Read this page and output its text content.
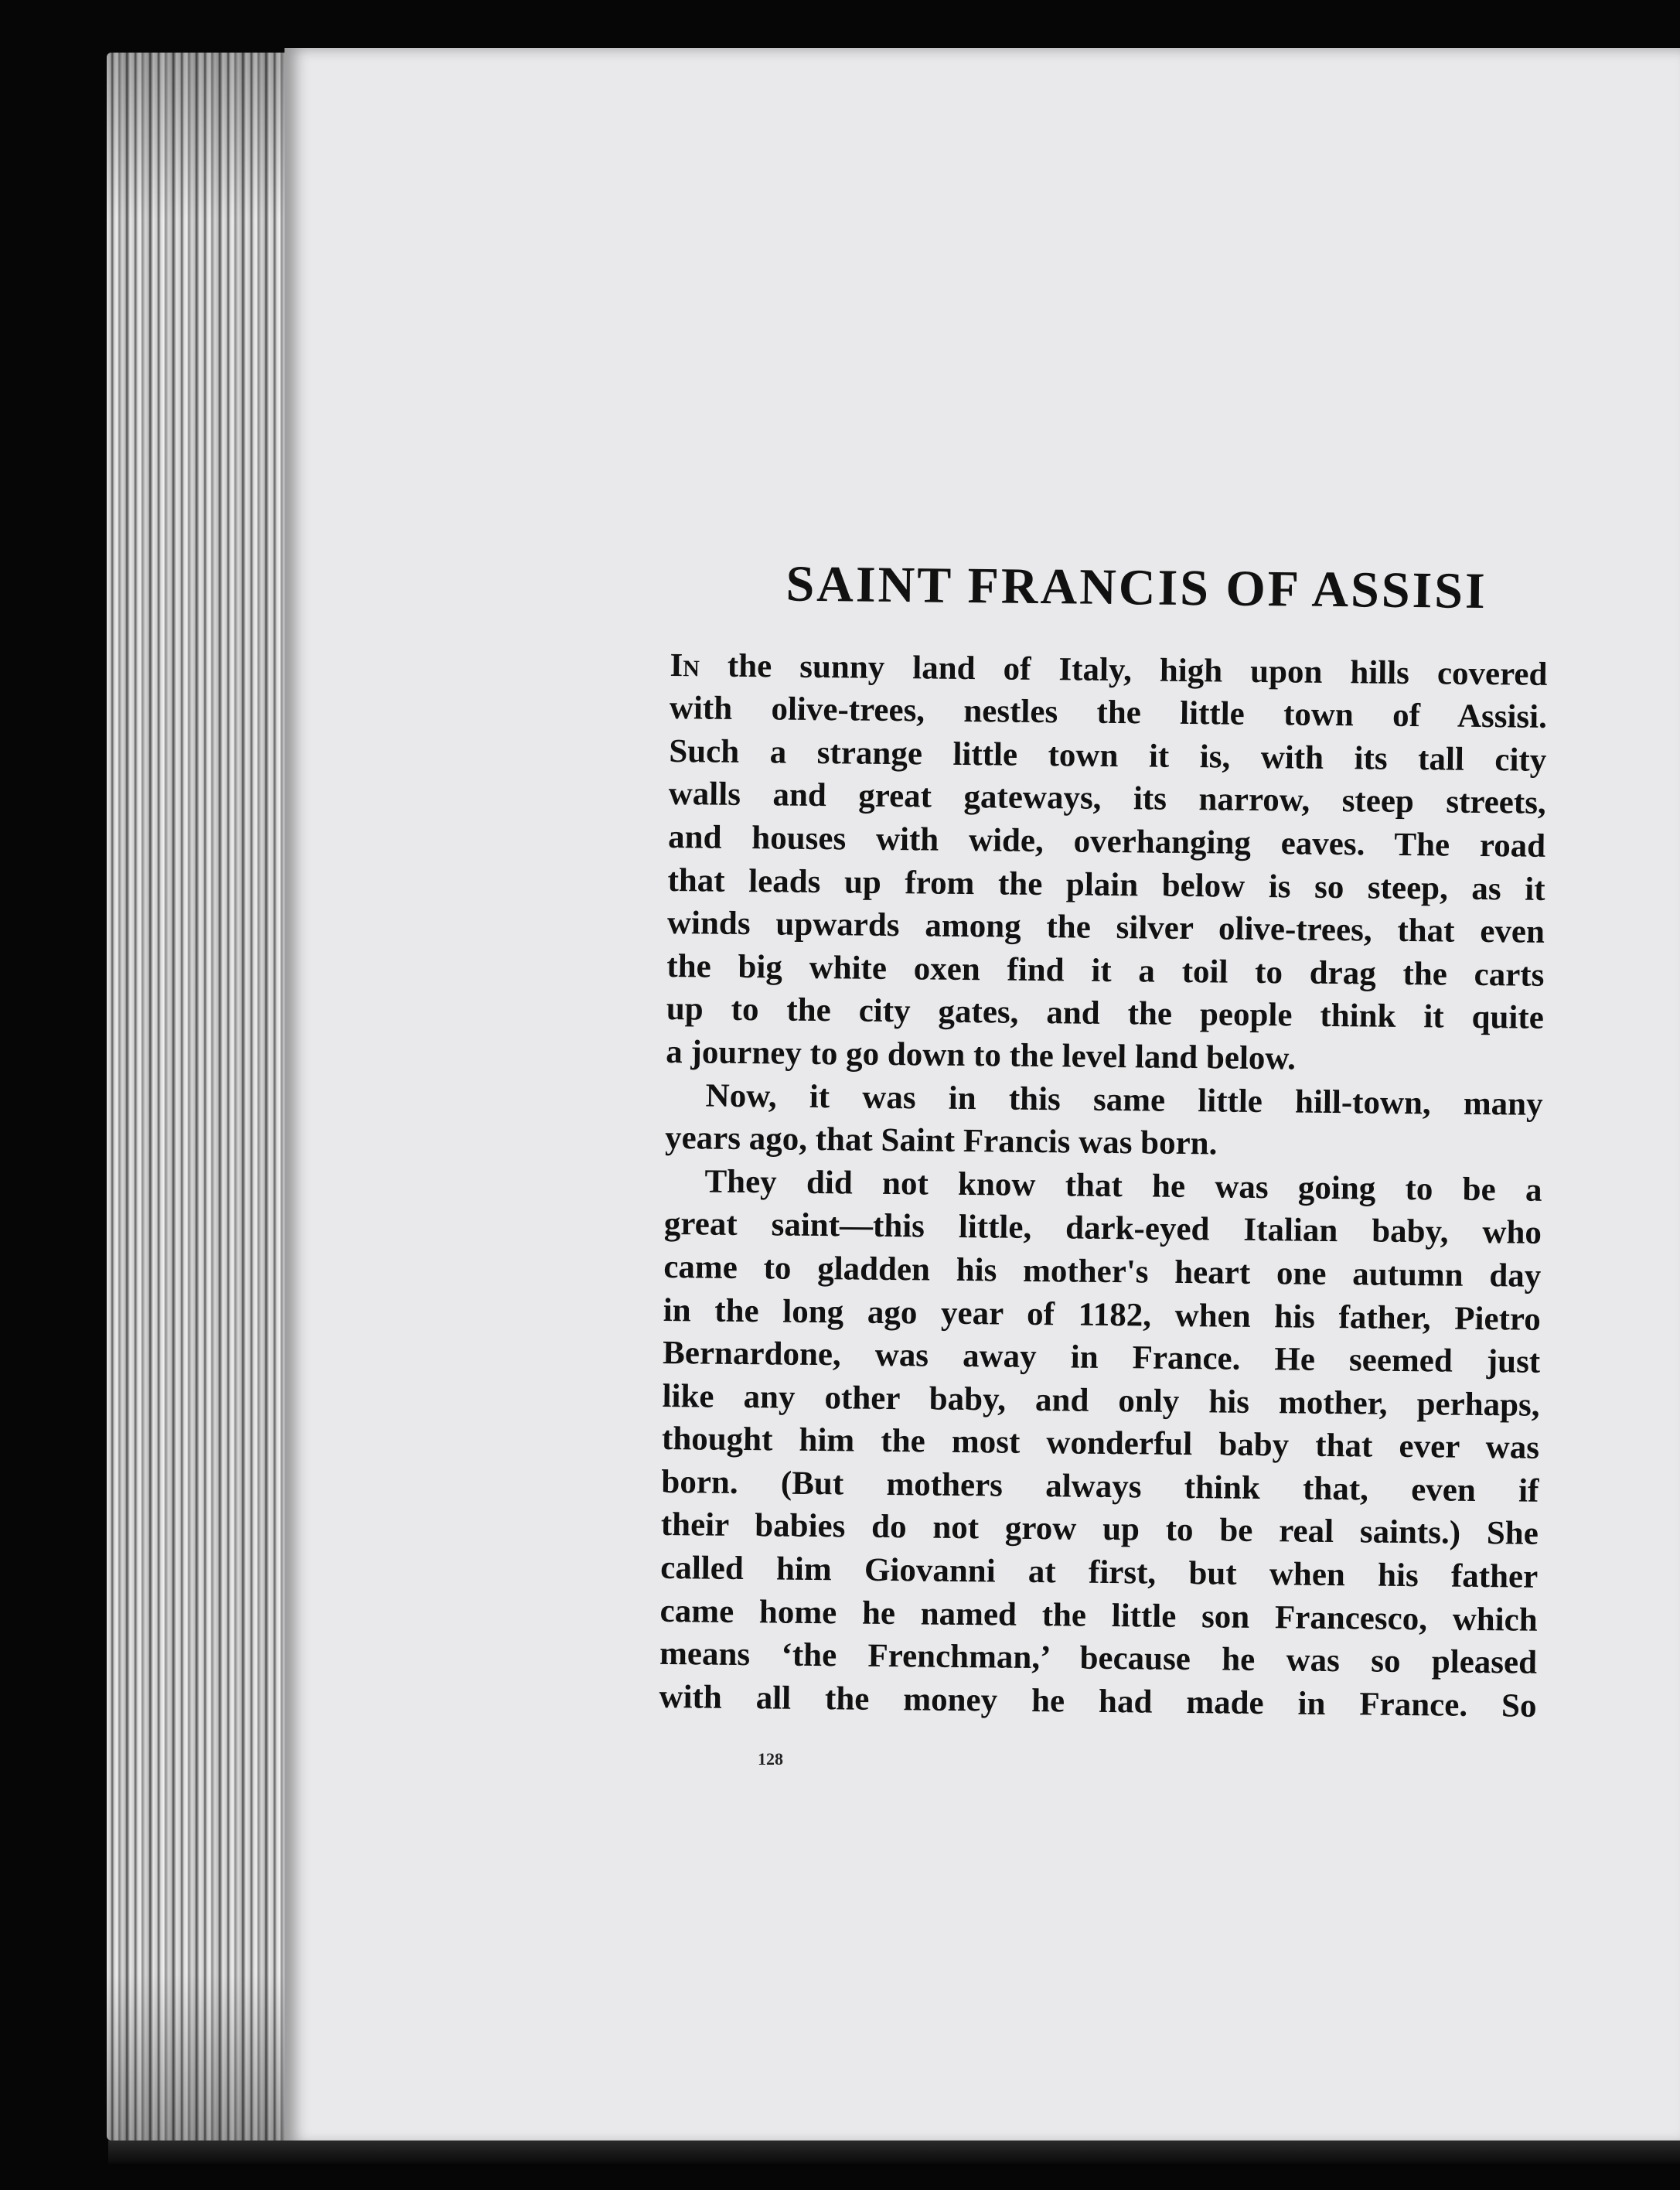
SAINT FRANCIS OF ASSISI
In the sunny land of Italy, high upon hills covered
with olive-trees, nestles the little town of Assisi.
Such a strange little town it is, with its tall city
walls and great gateways, its narrow, steep streets,
and houses with wide, overhanging eaves. The road
that leads up from the plain below is so steep, as it
winds upwards among the silver olive-trees, that even
the big white oxen find it a toil to drag the carts
up to the city gates, and the people think it quite
a journey to go down to the level land below.
Now, it was in this same little hill-town, many
years ago, that Saint Francis was born.
They did not know that he was going to be a
great saint—this little, dark-eyed Italian baby, who
came to gladden his mother's heart one autumn day
in the long ago year of 1182, when his father, Pietro
Bernardone, was away in France. He seemed just
like any other baby, and only his mother, perhaps,
thought him the most wonderful baby that ever was
born. (But mothers always think that, even if
their babies do not grow up to be real saints.) She
called him Giovanni at first, but when his father
came home he named the little son Francesco, which
means ‘the Frenchman,’ because he was so pleased
with all the money he had made in France. So
128
